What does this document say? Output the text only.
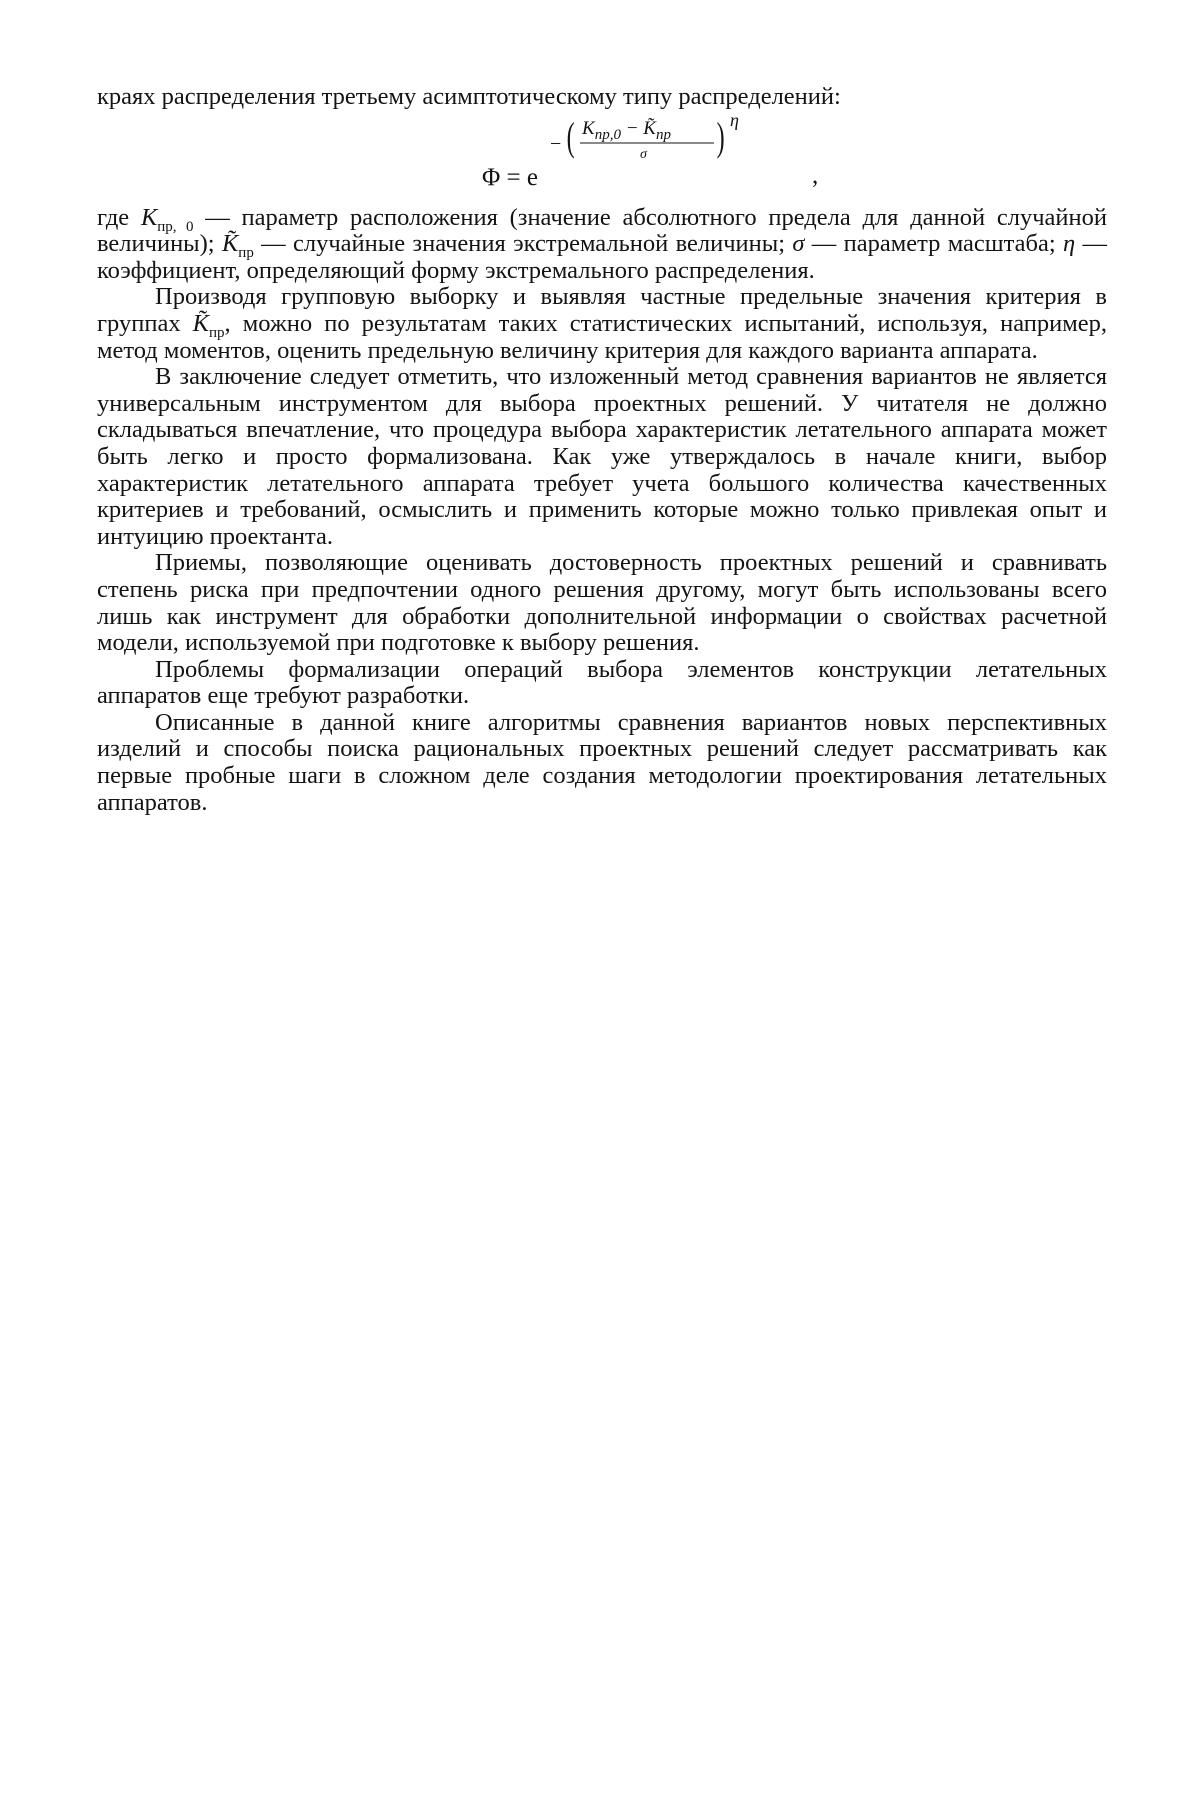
краях распределения третьему асимптотическому типу распределений:

Φ = e
− ( $K_{пр,0}$ − $K̃_{пр}$
σ ) η
,

где $K_{пр, 0}$ — параметр расположения (значение абсолютного предела для данной случайной величины); $K̃_{пр}$ — случайные значения экстремальной величины; σ — параметр масштаба; η — коэффициент, определяющий форму экстремального распределения.

Производя групповую выборку и выявляя частные предельные значения критерия в группах $K̃_{пр}$, можно по результатам таких статистических испытаний, используя, например, метод моментов, оценить предельную величину критерия для каждого варианта аппарата.

В заключение следует отметить, что изложенный метод сравнения вариантов не является универсальным инструментом для выбора проектных решений. У читателя не должно складываться впечатление, что процедура выбора характеристик летательного аппарата может быть легко и просто формализована. Как уже утверждалось в начале книги, выбор характеристик летательного аппарата требует учета большого количества качественных критериев и требований, осмыслить и применить которые можно только привлекая опыт и интуицию проектанта.

Приемы, позволяющие оценивать достоверность проектных решений и сравнивать степень риска при предпочтении одного решения другому, могут быть использованы всего лишь как инструмент для обработки дополнительной информации о свойствах расчетной модели, используемой при подготовке к выбору решения.

Проблемы формализации операций выбора элементов конструкции летательных аппаратов еще требуют разработки.

Описанные в данной книге алгоритмы сравнения вариантов новых перспективных изделий и способы поиска рациональных проектных решений следует рассматривать как первые пробные шаги в сложном деле создания методологии проектирования летательных аппаратов.
